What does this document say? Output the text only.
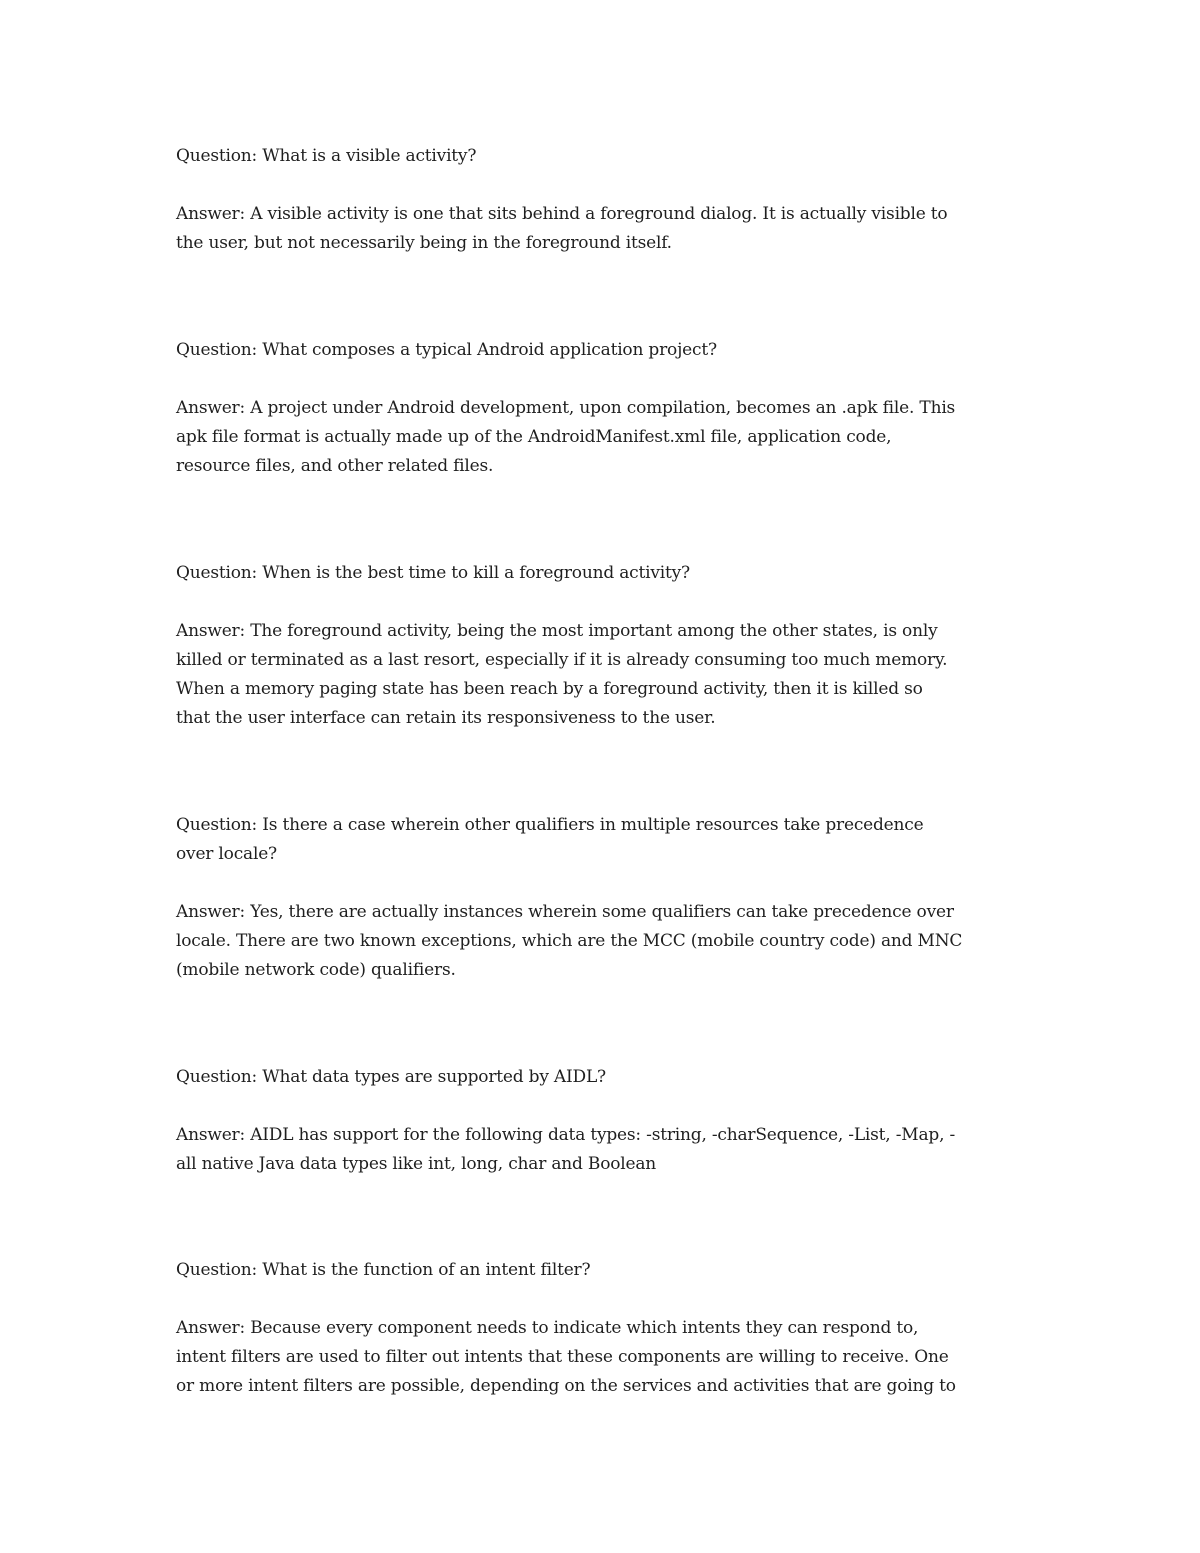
Question: What is a visible activity?

Answer: A visible activity is one that sits behind a foreground dialog. It is actually visible to

the user, but not necessarily being in the foreground itself.

Question: What composes a typical Android application project?

Answer: A project under Android development, upon compilation, becomes an .apk file. This

apk file format is actually made up of the AndroidManifest.xml file, application code,

resource files, and other related files.

Question: When is the best time to kill a foreground activity?

Answer: The foreground activity, being the most important among the other states, is only

killed or terminated as a last resort, especially if it is already consuming too much memory.

When a memory paging state has been reach by a foreground activity, then it is killed so

that the user interface can retain its responsiveness to the user.

Question: Is there a case wherein other qualifiers in multiple resources take precedence

over locale?

Answer: Yes, there are actually instances wherein some qualifiers can take precedence over

locale. There are two known exceptions, which are the MCC (mobile country code) and MNC

(mobile network code) qualifiers.

Question: What data types are supported by AIDL?

Answer: AIDL has support for the following data types: -string, -charSequence, -List, -Map, -

all native Java data types like int, long, char and Boolean

Question: What is the function of an intent filter?

Answer: Because every component needs to indicate which intents they can respond to,

intent filters are used to filter out intents that these components are willing to receive. One

or more intent filters are possible, depending on the services and activities that are going to
